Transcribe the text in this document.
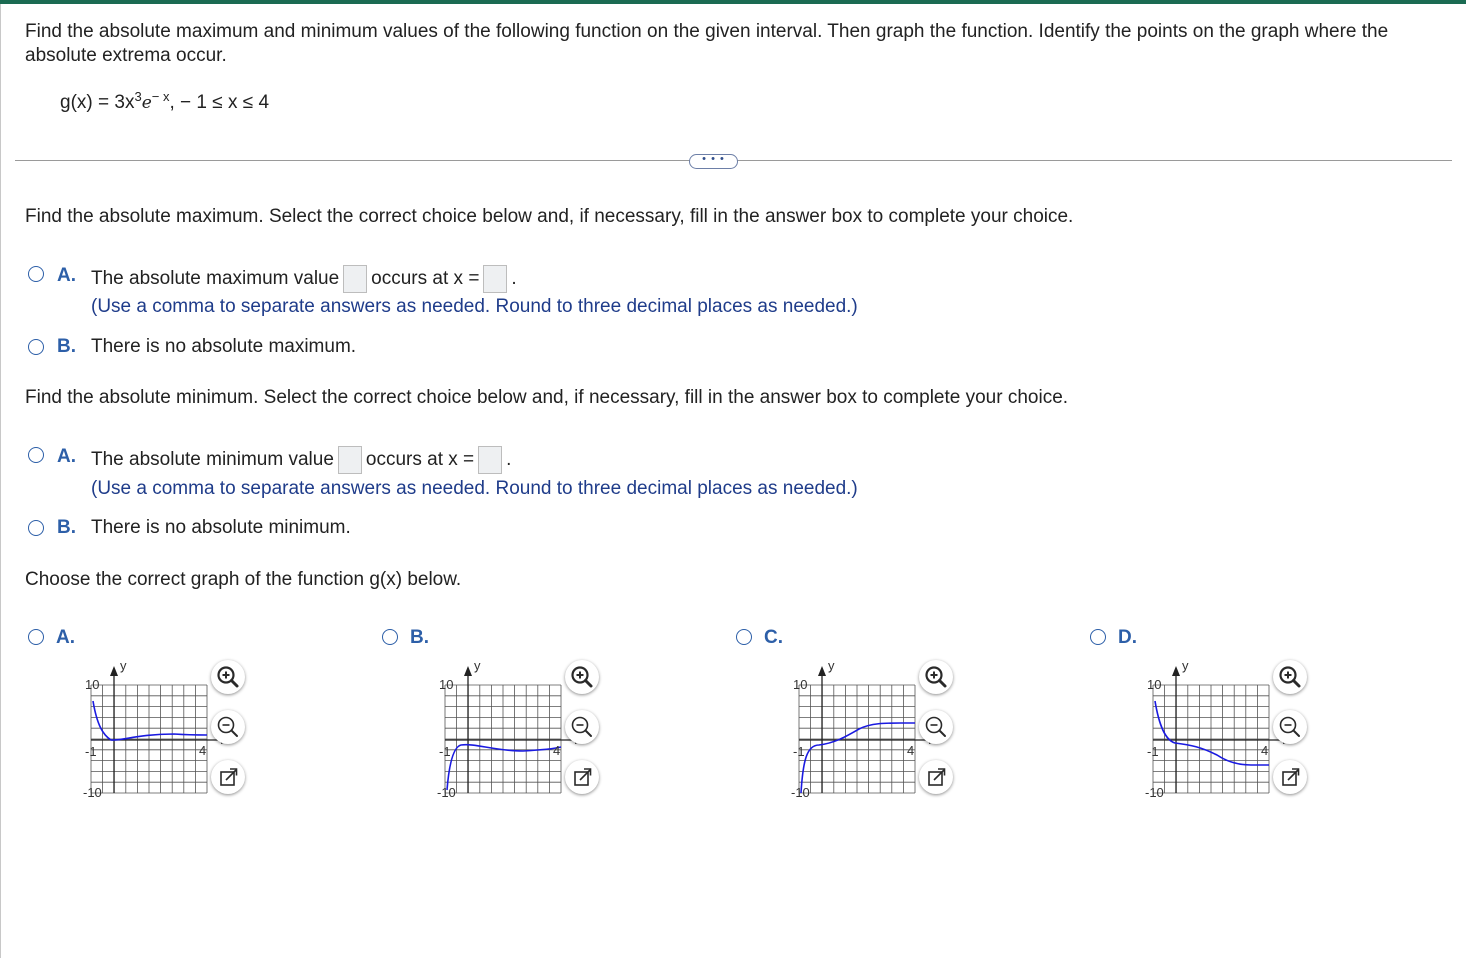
Find the absolute maximum and minimum values of the following function on the given interval. Then graph the function. Identify the points on the graph where the absolute extrema occur.
$g(x) = 3x^3e^{- x}$, − 1 ≤ x ≤ 4
• • •
Find the absolute maximum. Select the correct choice below and, if necessary, fill in the answer box to complete your choice.
A. The absolute maximum value occurs at x = .
(Use a comma to separate answers as needed. Round to three decimal places as needed.)
B. There is no absolute maximum.
Find the absolute minimum. Select the correct choice below and, if necessary, fill in the answer box to complete your choice.
A. The absolute minimum value occurs at x = .
(Use a comma to separate answers as needed. Round to three decimal places as needed.)
B. There is no absolute minimum.
Choose the correct graph of the function g(x) below.
A.
y
10
-10
-1	4
B.
y
10
-10
-1	4
C.
y
10
-10
-1	4
D.
y
10
-10
-1	4
